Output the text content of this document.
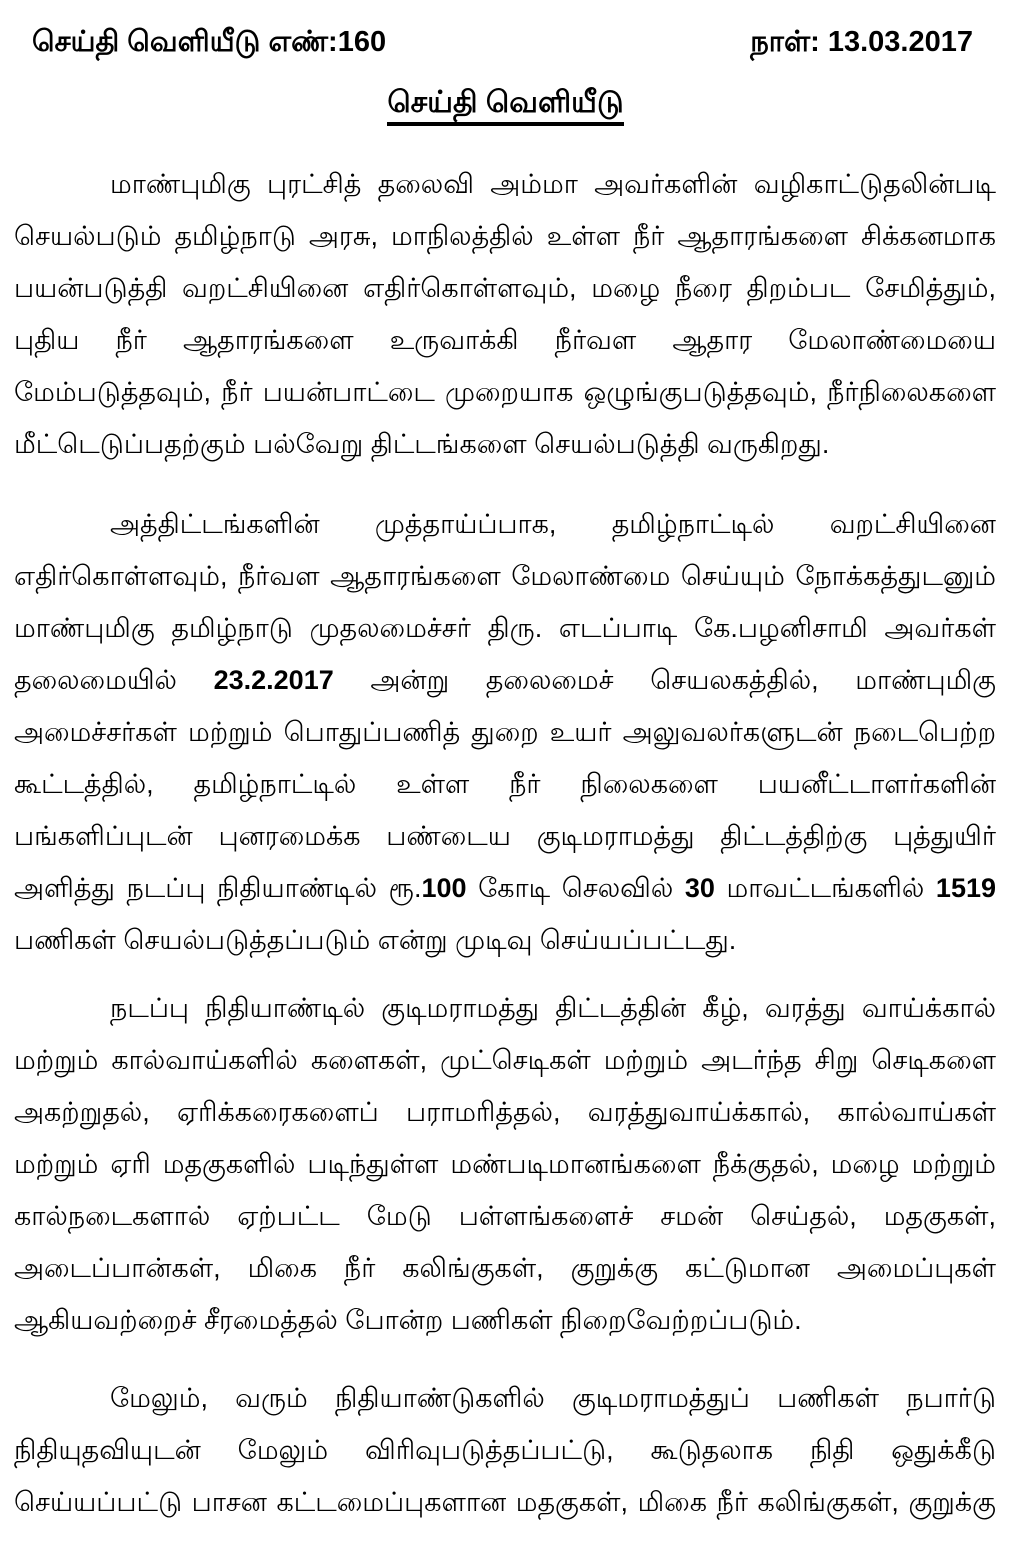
செய்தி வெளியீடு எண்:160	நாள்: 13.03.2017
செய்தி வெளியீடு
மாண்புமிகு புரட்சித் தலைவி அம்மா அவர்களின் வழிகாட்டுதலின்படி
செயல்படும் தமிழ்நாடு அரசு, மாநிலத்தில் உள்ள நீர் ஆதாரங்களை சிக்கனமாக
பயன்படுத்தி வறட்சியினை எதிர்கொள்ளவும், மழை நீரை திறம்பட சேமித்தும்,
புதிய நீர் ஆதாரங்களை உருவாக்கி நீர்வள ஆதார மேலாண்மையை
மேம்படுத்தவும், நீர் பயன்பாட்டை முறையாக ஒழுங்குபடுத்தவும், நீர்நிலைகளை
மீட்டெடுப்பதற்கும் பல்வேறு திட்டங்களை செயல்படுத்தி வருகிறது.
அத்திட்டங்களின் முத்தாய்ப்பாக, தமிழ்நாட்டில் வறட்சியினை
எதிர்கொள்ளவும், நீர்வள ஆதாரங்களை மேலாண்மை செய்யும் நோக்கத்துடனும்
மாண்புமிகு தமிழ்நாடு முதலமைச்சர் திரு. எடப்பாடி கே.பழனிசாமி அவர்கள்
தலைமையில் 23.2.2017 அன்று தலைமைச் செயலகத்தில், மாண்புமிகு
அமைச்சர்கள் மற்றும் பொதுப்பணித் துறை உயர் அலுவலர்களுடன் நடைபெற்ற
கூட்டத்தில், தமிழ்நாட்டில் உள்ள நீர் நிலைகளை பயனீட்டாளர்களின்
பங்களிப்புடன் புனரமைக்க பண்டைய குடிமராமத்து திட்டத்திற்கு புத்துயிர்
அளித்து நடப்பு நிதியாண்டில் ரூ.100 கோடி செலவில் 30 மாவட்டங்களில் 1519
பணிகள் செயல்படுத்தப்படும் என்று முடிவு செய்யப்பட்டது.
நடப்பு நிதியாண்டில் குடிமராமத்து திட்டத்தின் கீழ், வரத்து வாய்க்கால்
மற்றும் கால்வாய்களில் களைகள், முட்செடிகள் மற்றும் அடர்ந்த சிறு செடிகளை
அகற்றுதல், ஏரிக்கரைகளைப் பராமரித்தல், வரத்துவாய்க்கால், கால்வாய்கள்
மற்றும் ஏரி மதகுகளில் படிந்துள்ள மண்படிமானங்களை நீக்குதல், மழை மற்றும்
கால்நடைகளால் ஏற்பட்ட மேடு பள்ளங்களைச் சமன் செய்தல், மதகுகள்,
அடைப்பான்கள், மிகை நீர் கலிங்குகள், குறுக்கு கட்டுமான அமைப்புகள்
ஆகியவற்றைச் சீரமைத்தல் போன்ற பணிகள் நிறைவேற்றப்படும்.
மேலும், வரும் நிதியாண்டுகளில் குடிமராமத்துப் பணிகள் நபார்டு
நிதியுதவியுடன் மேலும் விரிவுபடுத்தப்பட்டு, கூடுதலாக நிதி ஒதுக்கீடு
செய்யப்பட்டு பாசன கட்டமைப்புகளான மதகுகள், மிகை நீர் கலிங்குகள், குறுக்கு
